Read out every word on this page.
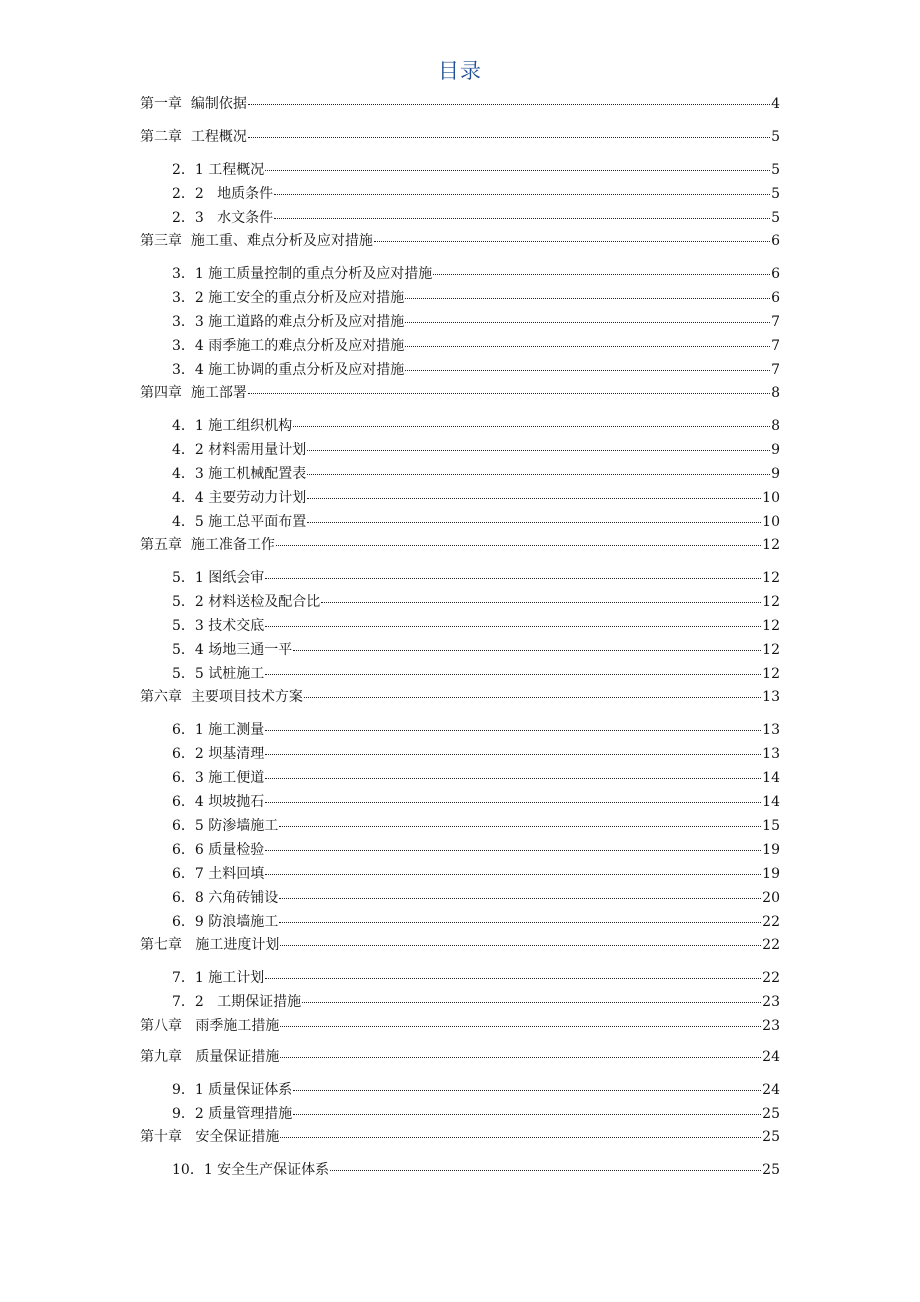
目录
第一章  编制依据	4
第二章  工程概况	5
2．1 工程概况	5
2．2   地质条件	5
2．3   水文条件	5
第三章  施工重、难点分析及应对措施	6
3．1 施工质量控制的重点分析及应对措施	6
3．2 施工安全的重点分析及应对措施	6
3．3 施工道路的难点分析及应对措施	7
3．4 雨季施工的难点分析及应对措施	7
3．4 施工协调的重点分析及应对措施	7
第四章  施工部署	8
4．1 施工组织机构	8
4．2 材料需用量计划	9
4．3 施工机械配置表	9
4．4 主要劳动力计划	10
4．5 施工总平面布置	10
第五章  施工准备工作	12
5．1 图纸会审	12
5．2 材料送检及配合比	12
5．3 技术交底	12
5．4 场地三通一平	12
5．5 试桩施工	12
第六章  主要项目技术方案	13
6．1 施工测量	13
6．2 坝基清理	13
6．3 施工便道	14
6．4 坝坡抛石	14
6．5 防渗墙施工	15
6．6 质量检验	19
6．7 土料回填	19
6．8 六角砖铺设	20
6．9 防浪墙施工	22
第七章   施工进度计划	22
7．1 施工计划	22
7．2   工期保证措施	23
第八章   雨季施工措施	23
第九章   质量保证措施	24
9．1 质量保证体系	24
9．2 质量管理措施	25
第十章   安全保证措施	25
10．1 安全生产保证体系	25
